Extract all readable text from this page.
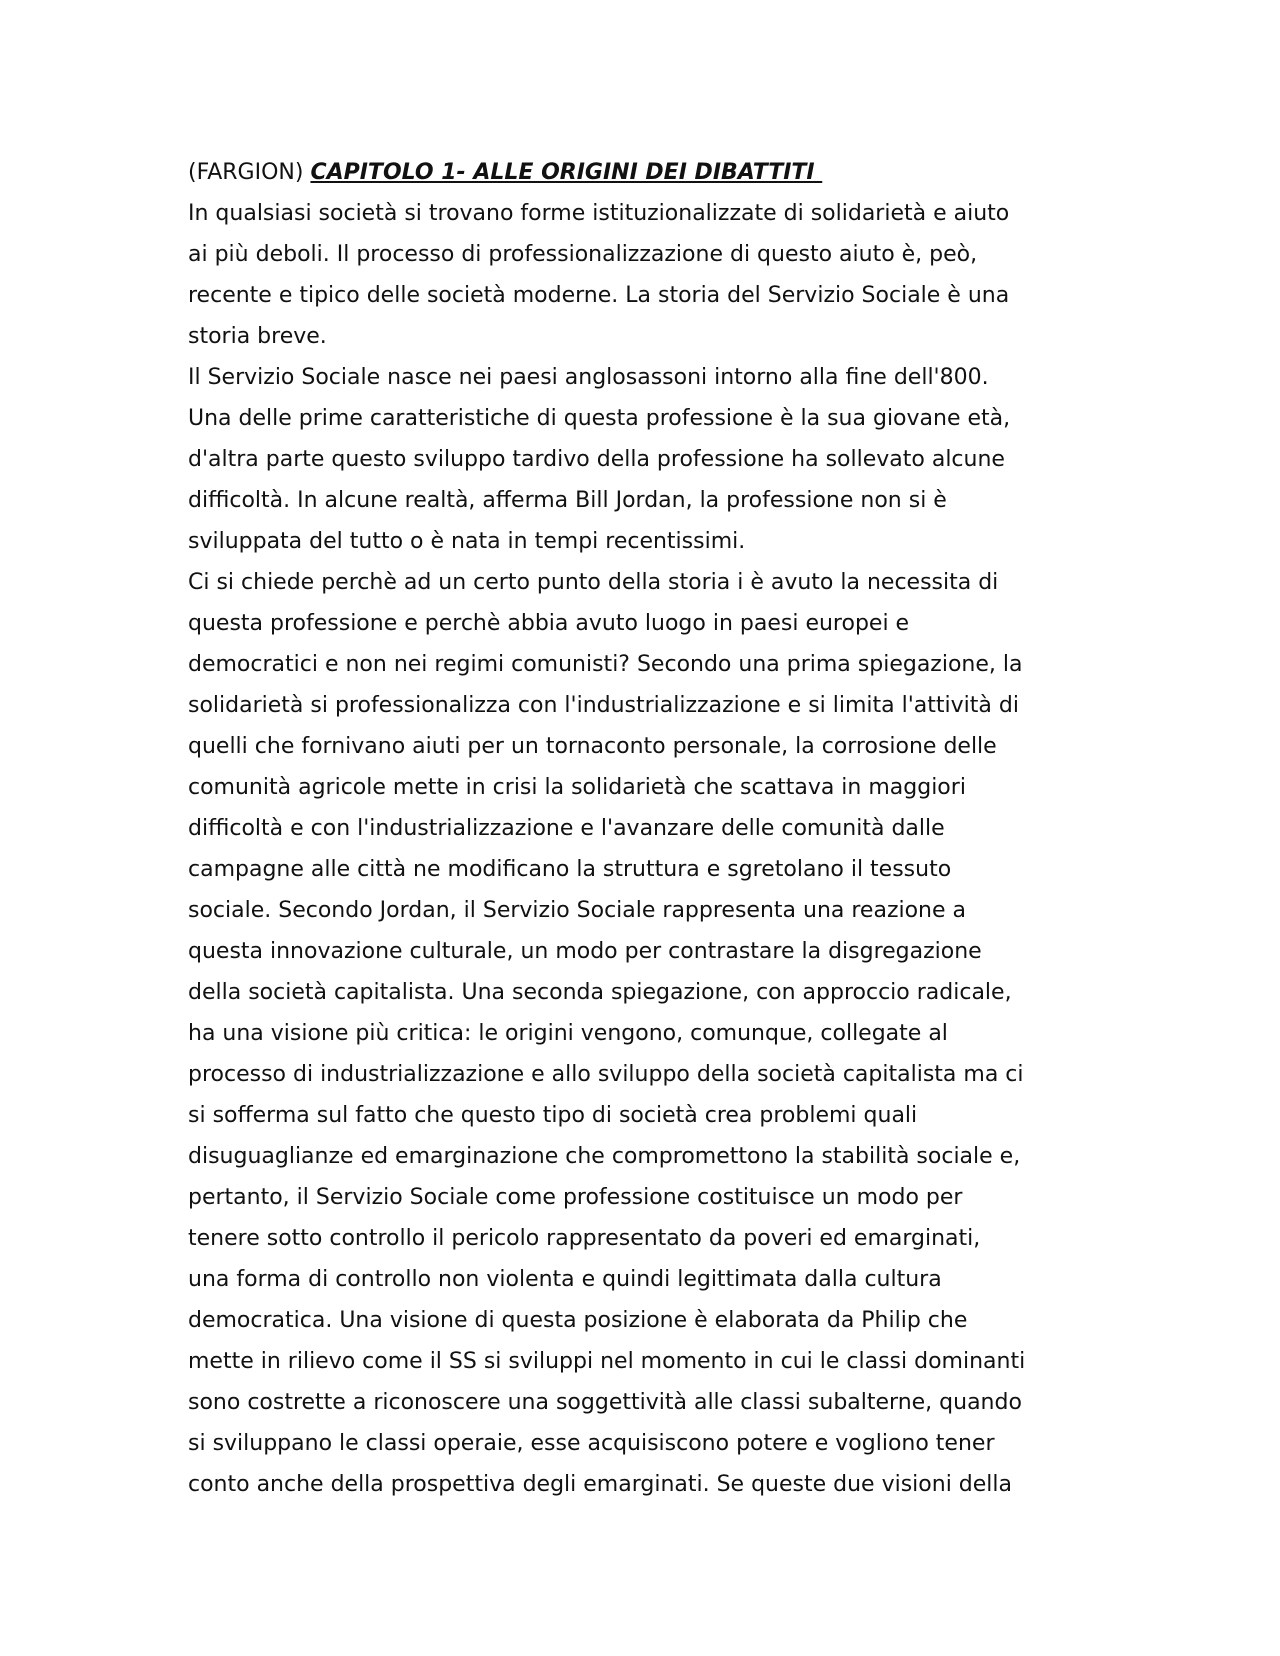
(FARGION) CAPITOLO 1- ALLE ORIGINI DEI DIBATTITI
In qualsiasi società si trovano forme istituzionalizzate di solidarietà e aiuto
ai più deboli. Il processo di professionalizzazione di questo aiuto è, peò,
recente e tipico delle società moderne. La storia del Servizio Sociale è una
storia breve.
Il Servizio Sociale nasce nei paesi anglosassoni intorno alla fine dell'800.
Una delle prime caratteristiche di questa professione è la sua giovane età,
d'altra parte questo sviluppo tardivo della professione ha sollevato alcune
difficoltà. In alcune realtà, afferma Bill Jordan, la professione non si è
sviluppata del tutto o è nata in tempi recentissimi.
Ci si chiede perchè ad un certo punto della storia i è avuto la necessita di
questa professione e perchè abbia avuto luogo in paesi europei e
democratici e non nei regimi comunisti? Secondo una prima spiegazione, la
solidarietà si professionalizza con l'industrializzazione e si limita l'attività di
quelli che fornivano aiuti per un tornaconto personale, la corrosione delle
comunità agricole mette in crisi la solidarietà che scattava in maggiori
difficoltà e con l'industrializzazione e l'avanzare delle comunità dalle
campagne alle città ne modificano la struttura e sgretolano il tessuto
sociale. Secondo Jordan, il Servizio Sociale rappresenta una reazione a
questa innovazione culturale, un modo per contrastare la disgregazione
della società capitalista. Una seconda spiegazione, con approccio radicale,
ha una visione più critica: le origini vengono, comunque, collegate al
processo di industrializzazione e allo sviluppo della società capitalista ma ci
si sofferma sul fatto che questo tipo di società crea problemi quali
disuguaglianze ed emarginazione che compromettono la stabilità sociale e,
pertanto, il Servizio Sociale come professione costituisce un modo per
tenere sotto controllo il pericolo rappresentato da poveri ed emarginati,
una forma di controllo non violenta e quindi legittimata dalla cultura
democratica. Una visione di questa posizione è elaborata da Philip che
mette in rilievo come il SS si sviluppi nel momento in cui le classi dominanti
sono costrette a riconoscere una soggettività alle classi subalterne, quando
si sviluppano le classi operaie, esse acquisiscono potere e vogliono tener
conto anche della prospettiva degli emarginati. Se queste due visioni della
